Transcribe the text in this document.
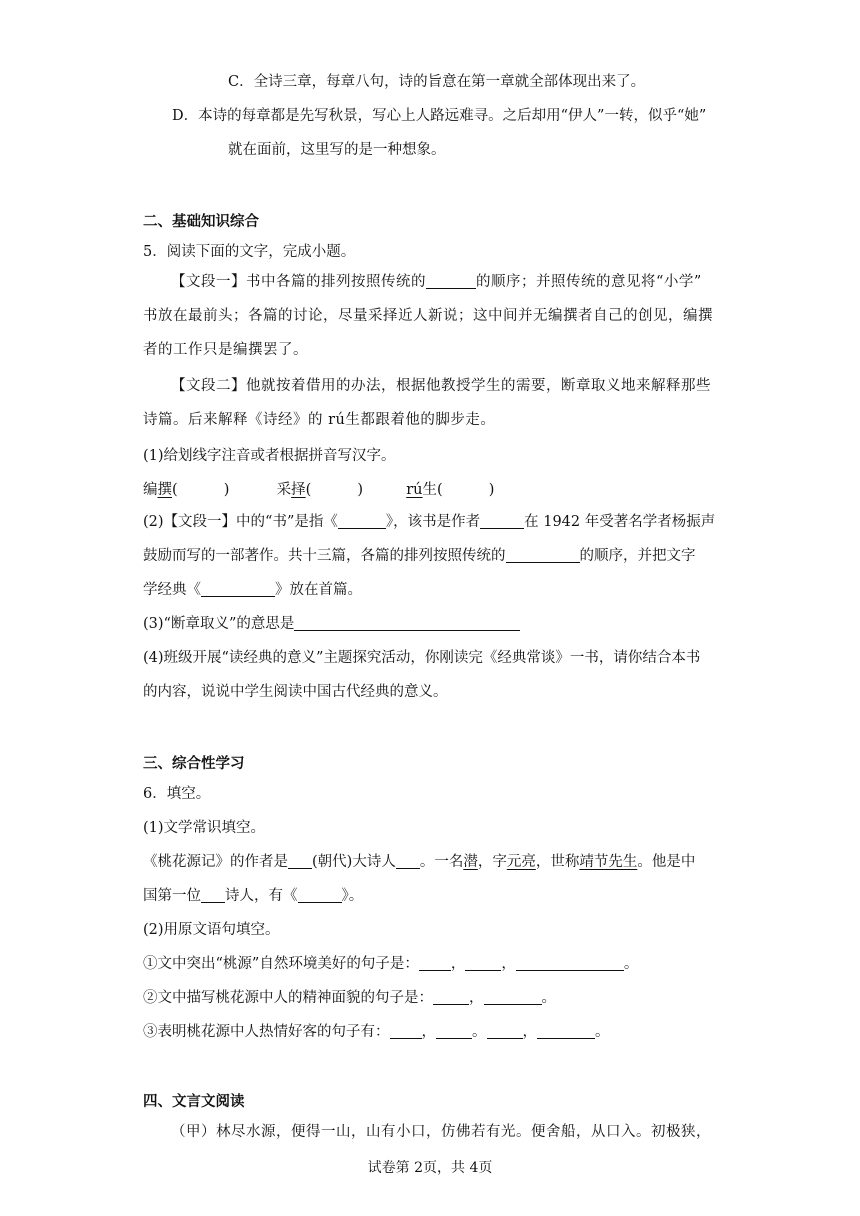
C．全诗三章，每章八句，诗的旨意在第一章就全部体现出来了。
D．本诗的每章都是先写秋景，写心上人路远难寻。之后却用“伊人”一转，似乎“她”
就在面前，这里写的是一种想象。
二、基础知识综合
5．阅读下面的文字，完成小题。
【文段一】书中各篇的排列按照传统的	的顺序；并照传统的意见将“小学”
书放在最前头；各篇的讨论，尽量采择近人新说；这中间并无编撰者自己的创见，编撰
者的工作只是编撰罢了。
【文段二】他就按着借用的办法，根据他教授学生的需要，断章取义地来解释那些
诗篇。后来解释《诗经》的 rú生都跟着他的脚步走。
(1)给划线字注音或者根据拼音写汉字。
编撰(          )	采择(          )	rú生(          )
(2)【文段一】中的“书”是指《	》，该书是作者	在 1942 年受著名学者杨振声
鼓励而写的一部著作。共十三篇，各篇的排列按照传统的	的顺序，并把文字
学经典《	》放在首篇。
(3)“断章取义”的意思是
(4)班级开展“读经典的意义”主题探究活动，你刚读完《经典常谈》一书，请你结合本书
的内容，说说中学生阅读中国古代经典的意义。
三、综合性学习
6．填空。
(1)文学常识填空。
《桃花源记》的作者是 (朝代)大诗人 。一名潜，字元亮，世称靖节先生。他是中
国第一位 诗人，有《	》。
(2)用原文语句填空。
①文中突出“桃源”自然环境美好的句子是： ， ，	。
②文中描写桃花源中人的精神面貌的句子是： ，	。
③表明桃花源中人热情好客的句子有： ， 。 ，	。
四、文言文阅读
（甲）林尽水源，便得一山，山有小口，仿佛若有光。便舍船，从口入。初极狭，
试卷第 2页，共 4页
